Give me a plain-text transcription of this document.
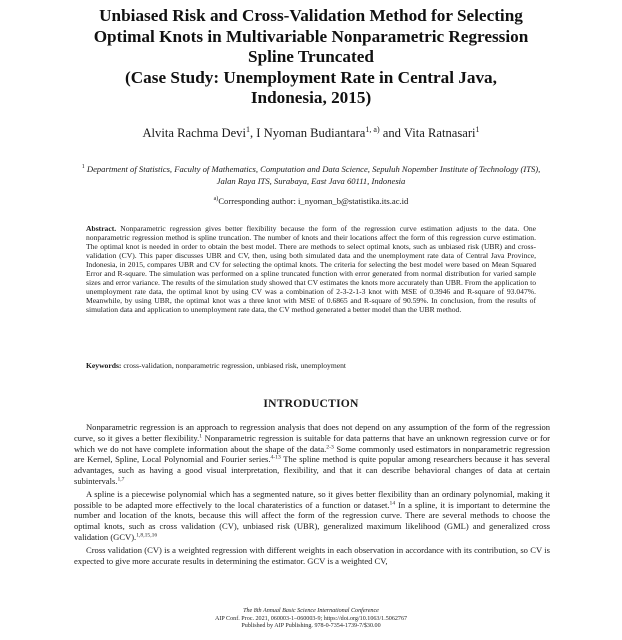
Unbiased Risk and Cross-Validation Method for Selecting
Optimal Knots in Multivariable Nonparametric Regression
Spline Truncated
(Case Study: Unemployment Rate in Central Java,
Indonesia, 2015)
Alvita Rachma Devi$^1$, I Nyoman Budiantara$^{1, a)}$ and Vita Ratnasari$^1$
$^1$ Department of Statistics, Faculty of Mathematics, Computation and Data Science, Sepuluh Nopember Institute of Technology (ITS), Jalan Raya ITS, Surabaya, East Java 60111, Indonesia
$^{a)}$Corresponding author: i_nyoman_b@statistika.its.ac.id
Abstract. Nonparametric regression gives better flexibility because the form of the regression curve estimation adjusts to the data. One nonparametric regression method is spline truncation. The number of knots and their locations affect the form of this regression curve estimation. The optimal knot is needed in order to obtain the best model. There are methods to select optimal knots, such as unbiased risk (UBR) and cross-validation (CV). This paper discusses UBR and CV, then, using both simulated data and the unemployment rate data of Central Java Province, Indonesia, in 2015, compares UBR and CV for selecting the optimal knots. The criteria for selecting the best model were based on Mean Squared Error and R-square. The simulation was performed on a spline truncated function with error generated from normal distribution for varied sample sizes and error variance. The results of the simulation study showed that CV estimates the knots more accurately than UBR. From the application to unemployment rate data, the optimal knot by using CV was a combination of 2-3-2-1-3 knot with MSE of 0.3946 and R-square of 93.047%. Meanwhile, by using UBR, the optimal knot was a three knot with MSE of 0.6865 and R-square of 90.59%. In conclusion, from the results of simulation data and application to unemployment rate data, the CV method generated a better model than the UBR method.
Keywords: cross-validation, nonparametric regression, unbiased risk, unemployment
INTRODUCTION

Nonparametric regression is an approach to regression analysis that does not depend on any assumption of the form of the regression curve, so it gives a better flexibility.$^1$ Nonparametric regression is suitable for data patterns that have an unknown regression curve or for which we do not have complete information about the shape of the data.$^{2-3}$ Some commonly used estimators in nonparametric regression are Kernel, Spline, Local Polynomial and Fourier series.$^{4-13}$ The spline method is quite popular among researchers because it has several advantages, such as having a good visual interpretation, flexibility, and that it can describe behavioral changes of data at certain subintervals.$^{1,7}$

A spline is a piecewise polynomial which has a segmented nature, so it gives better flexibility than an ordinary polynomial, making it possible to be adapted more effectively to the local charateristics of a function or dataset.$^{14}$ In a spline, it is important to determine the number and location of the knots, because this will affect the form of the regression curve. There are several methods to choose the optimal knots, such as cross validation (CV), unbiased risk (UBR), generalized maximum likelihood (GML) and generalized cross validation (GCV).$^{1,8,15,16}$

Cross validation (CV) is a weighted regression with different weights in each observation in accordance with its contribution, so CV is expected to give more accurate results in determining the estimator. GCV is a weighted CV,

The 8th Annual Basic Science International Conference
AIP Conf. Proc. 2021, 060003-1–060003-9; https://doi.org/10.1063/1.5062767
Published by AIP Publishing. 978-0-7354-1739-7/$30.00
